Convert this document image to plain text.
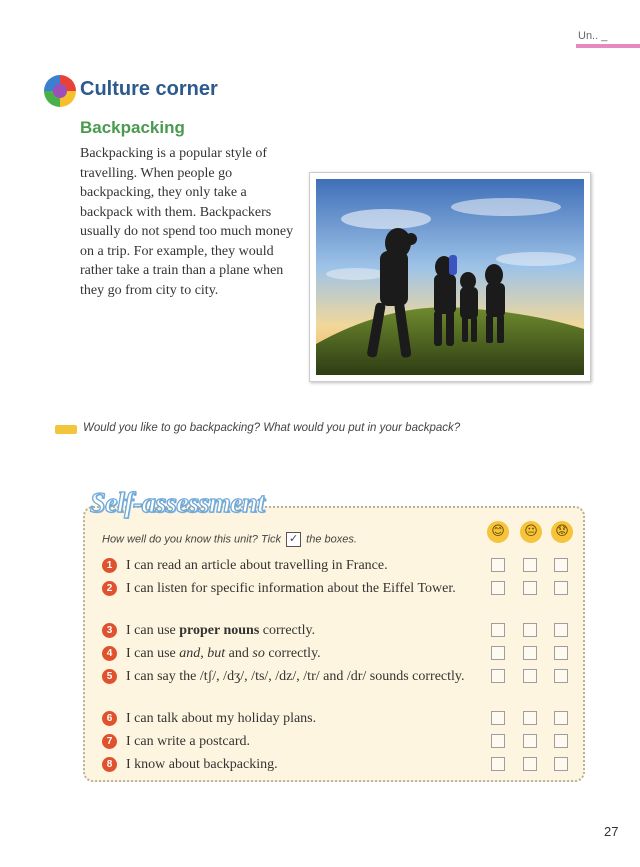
Un.. _
Culture corner
Backpacking

Backpacking is a popular style of travelling. When people go backpacking, they only take a backpack with them. Backpackers usually do not spend too much money on a trip. For example, they would rather take a train than a plane when they go from city to city.

Would you like to go backpacking? What would you put in your backpack?
Self-assessment
How well do you know this unit? Tick ✓ the boxes.
😊	😐	😟
1 I can read an article about travelling in France.
2 I can listen for specific information about the Eiffel Tower.
3 I can use proper nouns correctly.
4 I can use and, but and so correctly.
5 I can say the /tʃ/, /dʒ/, /ts/, /dz/, /tr/ and /dr/ sounds correctly.
6 I can talk about my holiday plans.
7 I can write a postcard.
8 I know about backpacking.
27
